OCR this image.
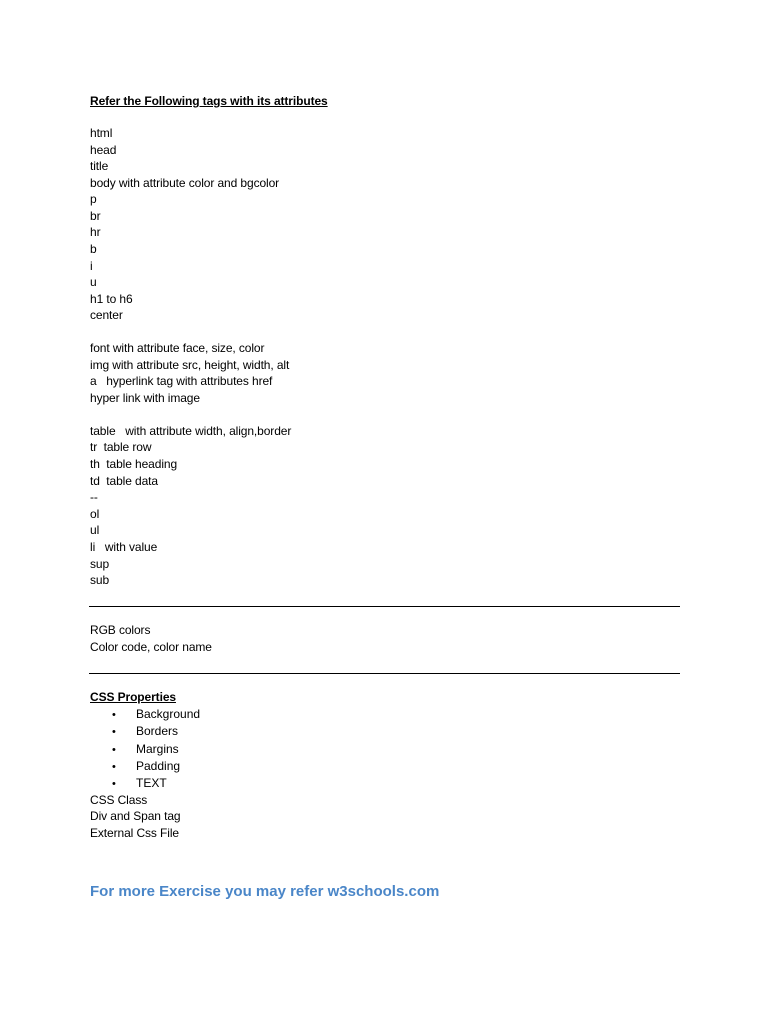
Refer the Following tags with its attributes
html
head
title
body with attribute color and bgcolor
p
br
hr
b
i
u
h1 to h6
center
font with attribute face, size, color
img with attribute src, height, width, alt
a   hyperlink tag with attributes href
hyper link with image
table   with attribute width, align,border
tr  table row
th  table heading
td  table data
--
ol
ul
li   with value
sup
sub
RGB colors
Color code, color name
CSS Properties
• Background
• Borders
• Margins
• Padding
• TEXT
CSS Class
Div and Span tag
External Css File
For more Exercise you may refer w3schools.com
